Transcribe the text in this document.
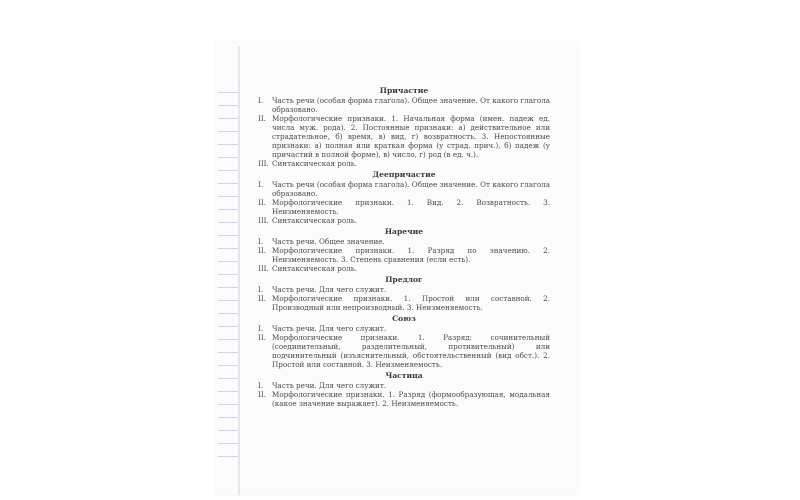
Причастие
I.	Часть речи (особая форма глагола). Общее значение. От какого глагола образовано.
II. Морфологические признаки. 1. Начальная форма (имен. падеж ед. числа муж. рода). 2. Постоянные признаки: а) действительное или страдательное, б) время, в) вид, г) возвратность. 3. Непостоянные признаки: а) полная или краткая форма (у страд. прич.), б) падеж (у причастий в полной форме), в) число, г) род (в ед. ч.).
III. Синтаксическая роль.
Деепричастие
I.	Часть речи (особая форма глагола). Общее значение. От какого глагола образовано.
II. Морфологические признаки. 1. Вид. 2. Возвратность. 3. Неизменяемость.
III. Синтаксическая роль.
Наречие
I.	Часть речи. Общее значение.
II. Морфологические признаки. 1. Разряд по значению. 2. Неизменяемость. 3. Степень сравнения (если есть).
III. Синтаксическая роль.
Предлог
I.	Часть речи. Для чего служит.
II. Морфологические признаки. 1. Простой или составной. 2. Производный или непроизводный. 3. Неизменяемость.
Союз
I.	Часть речи. Для чего служит.
II. Морфологические признаки. 1. Разряд: сочинительный (соединительный, разделительный, противительный) или подчинительный (изъяснительный, обстоятельственный (вид обст.). 2. Простой или составной. 3. Неизменяемость.
Частица
I.	Часть речи. Для чего служит.
II. Морфологические признаки. 1. Разряд (формообразующая, модальная (какое значение выражает). 2. Неизменяемость.
